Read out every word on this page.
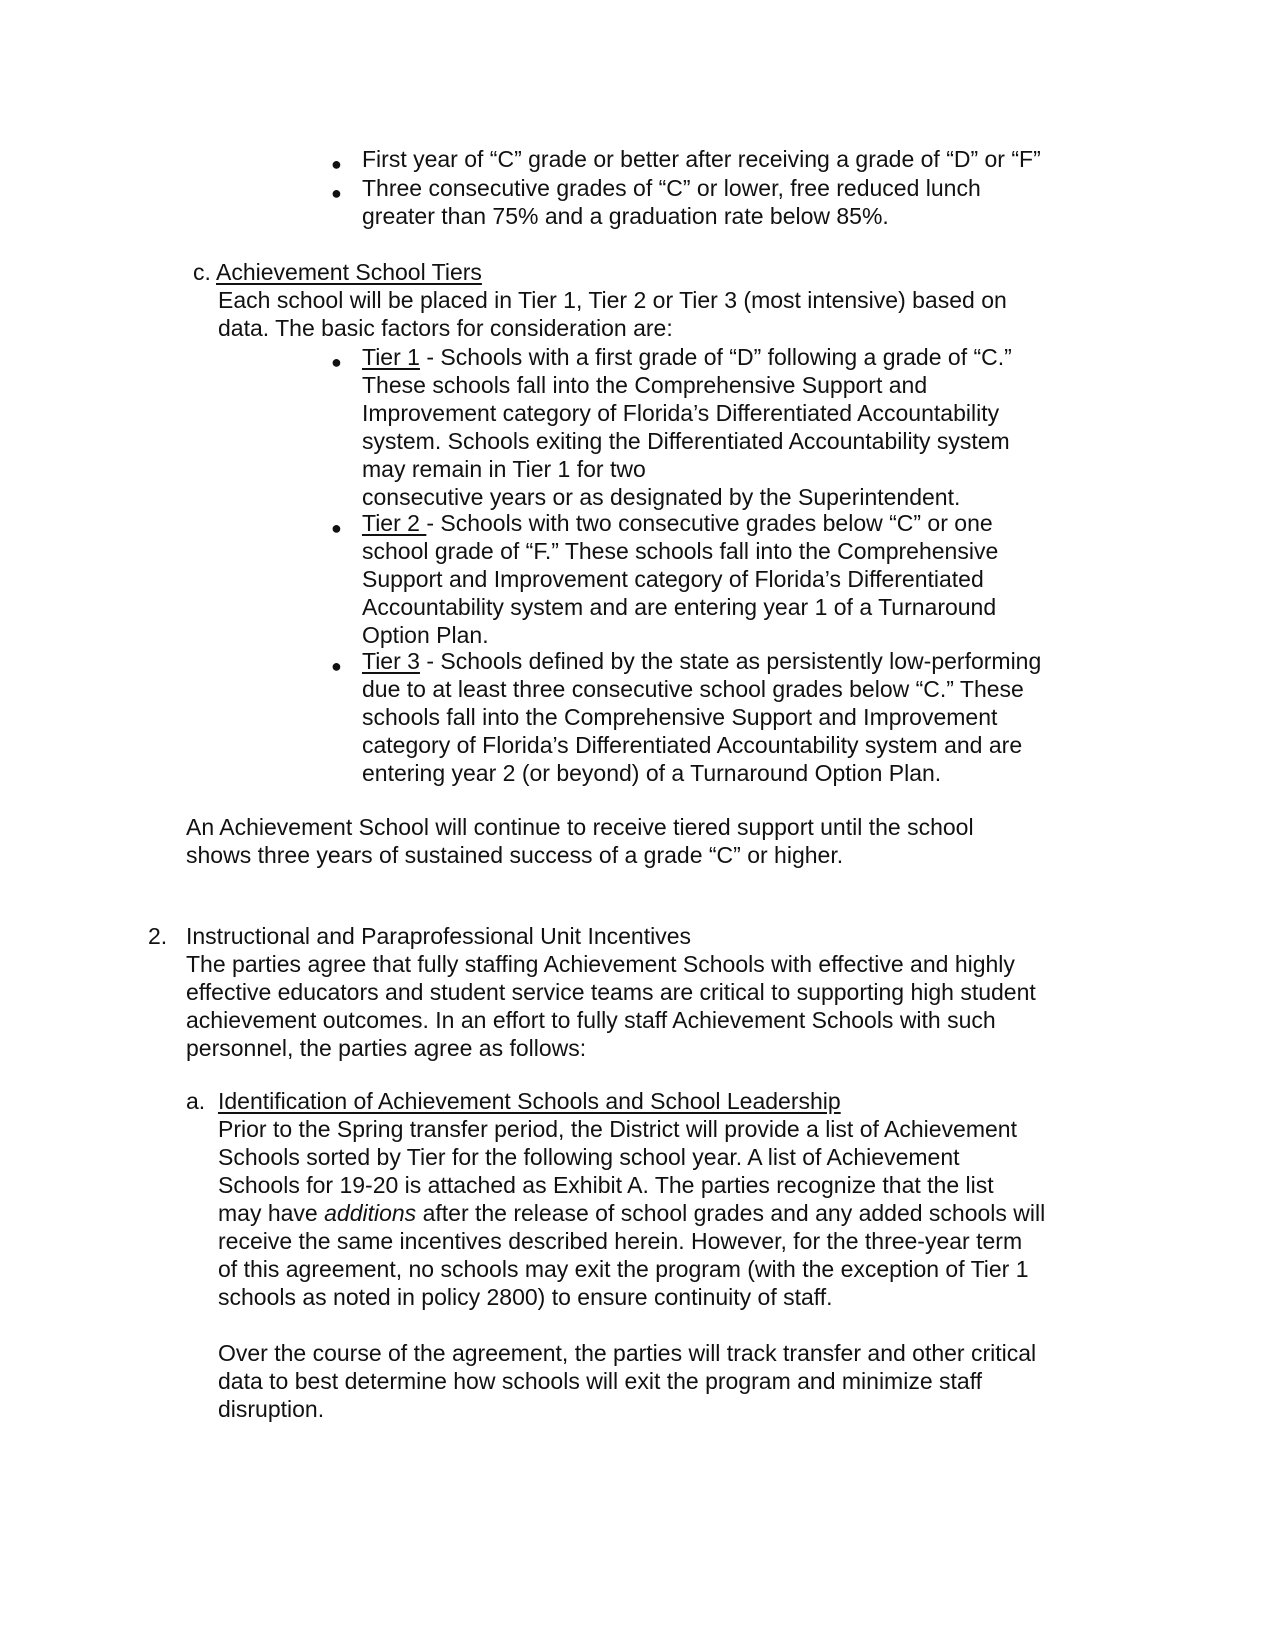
● First year of “C” grade or better after receiving a grade of “D” or “F”
● Three consecutive grades of “C” or lower, free reduced lunch
greater than 75% and a graduation rate below 85%.
c. Achievement School Tiers
Each school will be placed in Tier 1, Tier 2 or Tier 3 (most intensive) based on
data. The basic factors for consideration are:
● Tier 1 - Schools with a first grade of “D” following a grade of “C.”
These schools fall into the Comprehensive Support and
Improvement category of Florida’s Differentiated Accountability
system. Schools exiting the Differentiated Accountability system
may remain in Tier 1 for two
consecutive years or as designated by the Superintendent.
● Tier 2 - Schools with two consecutive grades below “C” or one
school grade of “F.” These schools fall into the Comprehensive
Support and Improvement category of Florida’s Differentiated
Accountability system and are entering year 1 of a Turnaround
Option Plan.
● Tier 3 - Schools defined by the state as persistently low-performing
due to at least three consecutive school grades below “C.” These
schools fall into the Comprehensive Support and Improvement
category of Florida’s Differentiated Accountability system and are
entering year 2 (or beyond) of a Turnaround Option Plan.
An Achievement School will continue to receive tiered support until the school
shows three years of sustained success of a grade “C” or higher.
2. Instructional and Paraprofessional Unit Incentives
The parties agree that fully staffing Achievement Schools with effective and highly
effective educators and student service teams are critical to supporting high student
achievement outcomes. In an effort to fully staff Achievement Schools with such
personnel, the parties agree as follows:
a. Identification of Achievement Schools and School Leadership
Prior to the Spring transfer period, the District will provide a list of Achievement
Schools sorted by Tier for the following school year. A list of Achievement
Schools for 19-20 is attached as Exhibit A. The parties recognize that the list
may have additions after the release of school grades and any added schools will
receive the same incentives described herein. However, for the three-year term
of this agreement, no schools may exit the program (with the exception of Tier 1
schools as noted in policy 2800) to ensure continuity of staff.
Over the course of the agreement, the parties will track transfer and other critical
data to best determine how schools will exit the program and minimize staff
disruption.
